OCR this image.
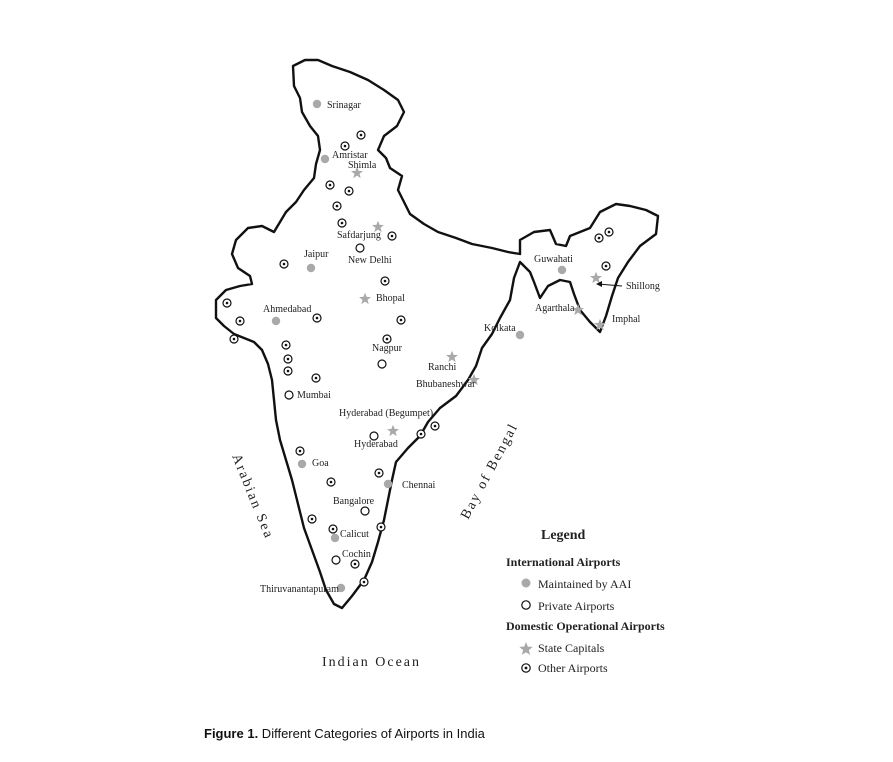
Srinagar
Amristar
Shimla
Safdarjung
New Delhi
Jaipur
Bhopal
Ahmedabad
Nagpur
Mumbai
Hyderabad (Begumpet)
Hyderabad
Goa
Chennai
Bangalore
Calicut
Cochin
Thiruvanantapuram
Kolkata
Ranchi
Bhubaneshwar
Guwahati
Shillong
Agarthala
Imphal
Arabian Sea	Bay of Bengal
Indian Ocean
Legend
International Airports
Maintained by AAI
Private Airports
Domestic Operational Airports
State Capitals
Other Airports
Figure 1. Different Categories of Airports in India
